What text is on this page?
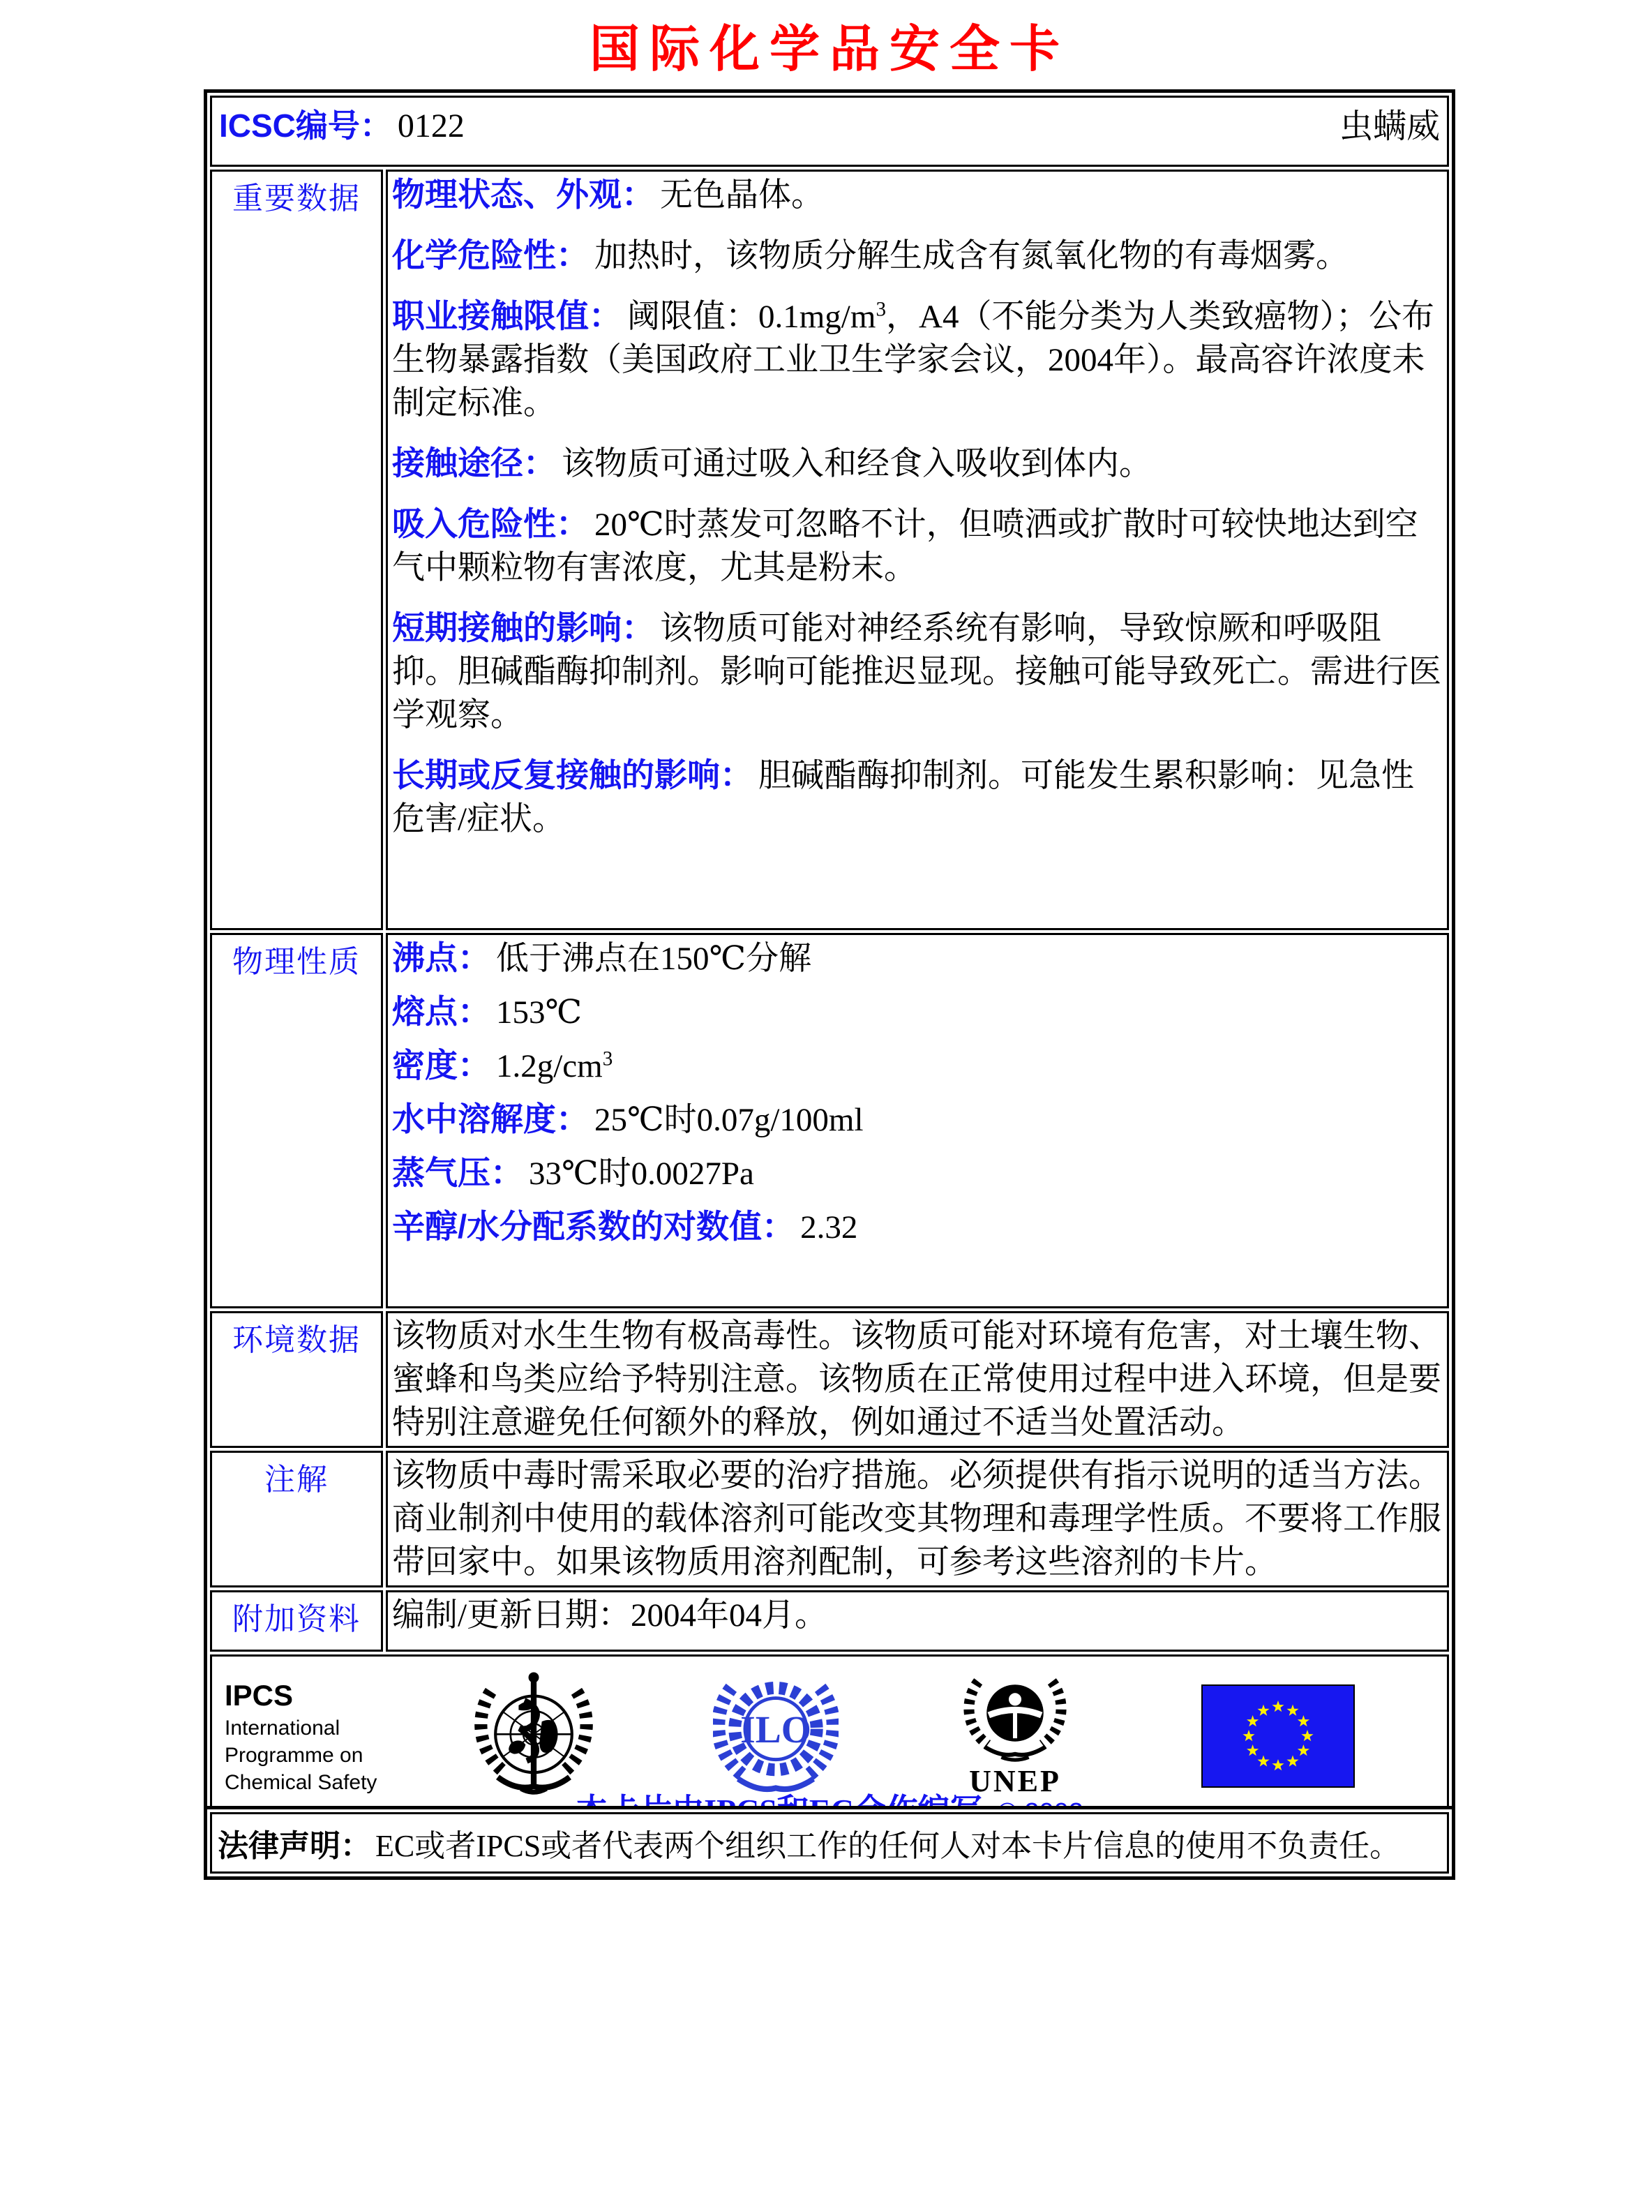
国际化学品安全卡
ICSC编号： 0122 虫螨威	

重要数据	物理状态、外观： 无色晶体。

化学危险性： 加热时，该物质分解生成含有氮氧化物的有毒烟雾。

职业接触限值： 阈限值：$0.1mg/m^3$，A4（不能分类为人类致癌物）；公布生物暴露指数（美国政府工业卫生学家会议，2004年）。最高容许浓度未制定标准。

接触途径： 该物质可通过吸入和经食入吸收到体内。

吸入危险性： 20℃时蒸发可忽略不计，但喷洒或扩散时可较快地达到空气中颗粒物有害浓度，尤其是粉末。

短期接触的影响： 该物质可能对神经系统有影响，导致惊厥和呼吸阻抑。胆碱酯酶抑制剂。影响可能推迟显现。接触可能导致死亡。需进行医学观察。

长期或反复接触的影响： 胆碱酯酶抑制剂。可能发生累积影响：见急性危害/症状。

物理性质	沸点： 低于沸点在150℃分解

熔点： 153℃

密度： $1.2g/cm^3$

水中溶解度： 25℃时0.07g/100ml

蒸气压： 33℃时0.0027Pa

辛醇/水分配系数的对数值： 2.32

环境数据	该物质对水生生物有极高毒性。该物质可能对环境有危害，对土壤生物、蜜蜂和鸟类应给予特别注意。该物质在正常使用过程中进入环境，但是要特别注意避免任何额外的释放，例如通过不适当处置活动。
注解	该物质中毒时需采取必要的治疗措施。必须提供有指示说明的适当方法。商业制剂中使用的载体溶剂可能改变其物理和毒理学性质。不要将工作服带回家中。如果该物质用溶剂配制，可参考这些溶剂的卡片。
附加资料	编制/更新日期：2004年04月。

IPCS
International
Programme on
Chemical Safety
ILO
UNEP
法律声明： EC或者IPCS或者代表两个组织工作的任何人对本卡片信息的使用不负责任。
